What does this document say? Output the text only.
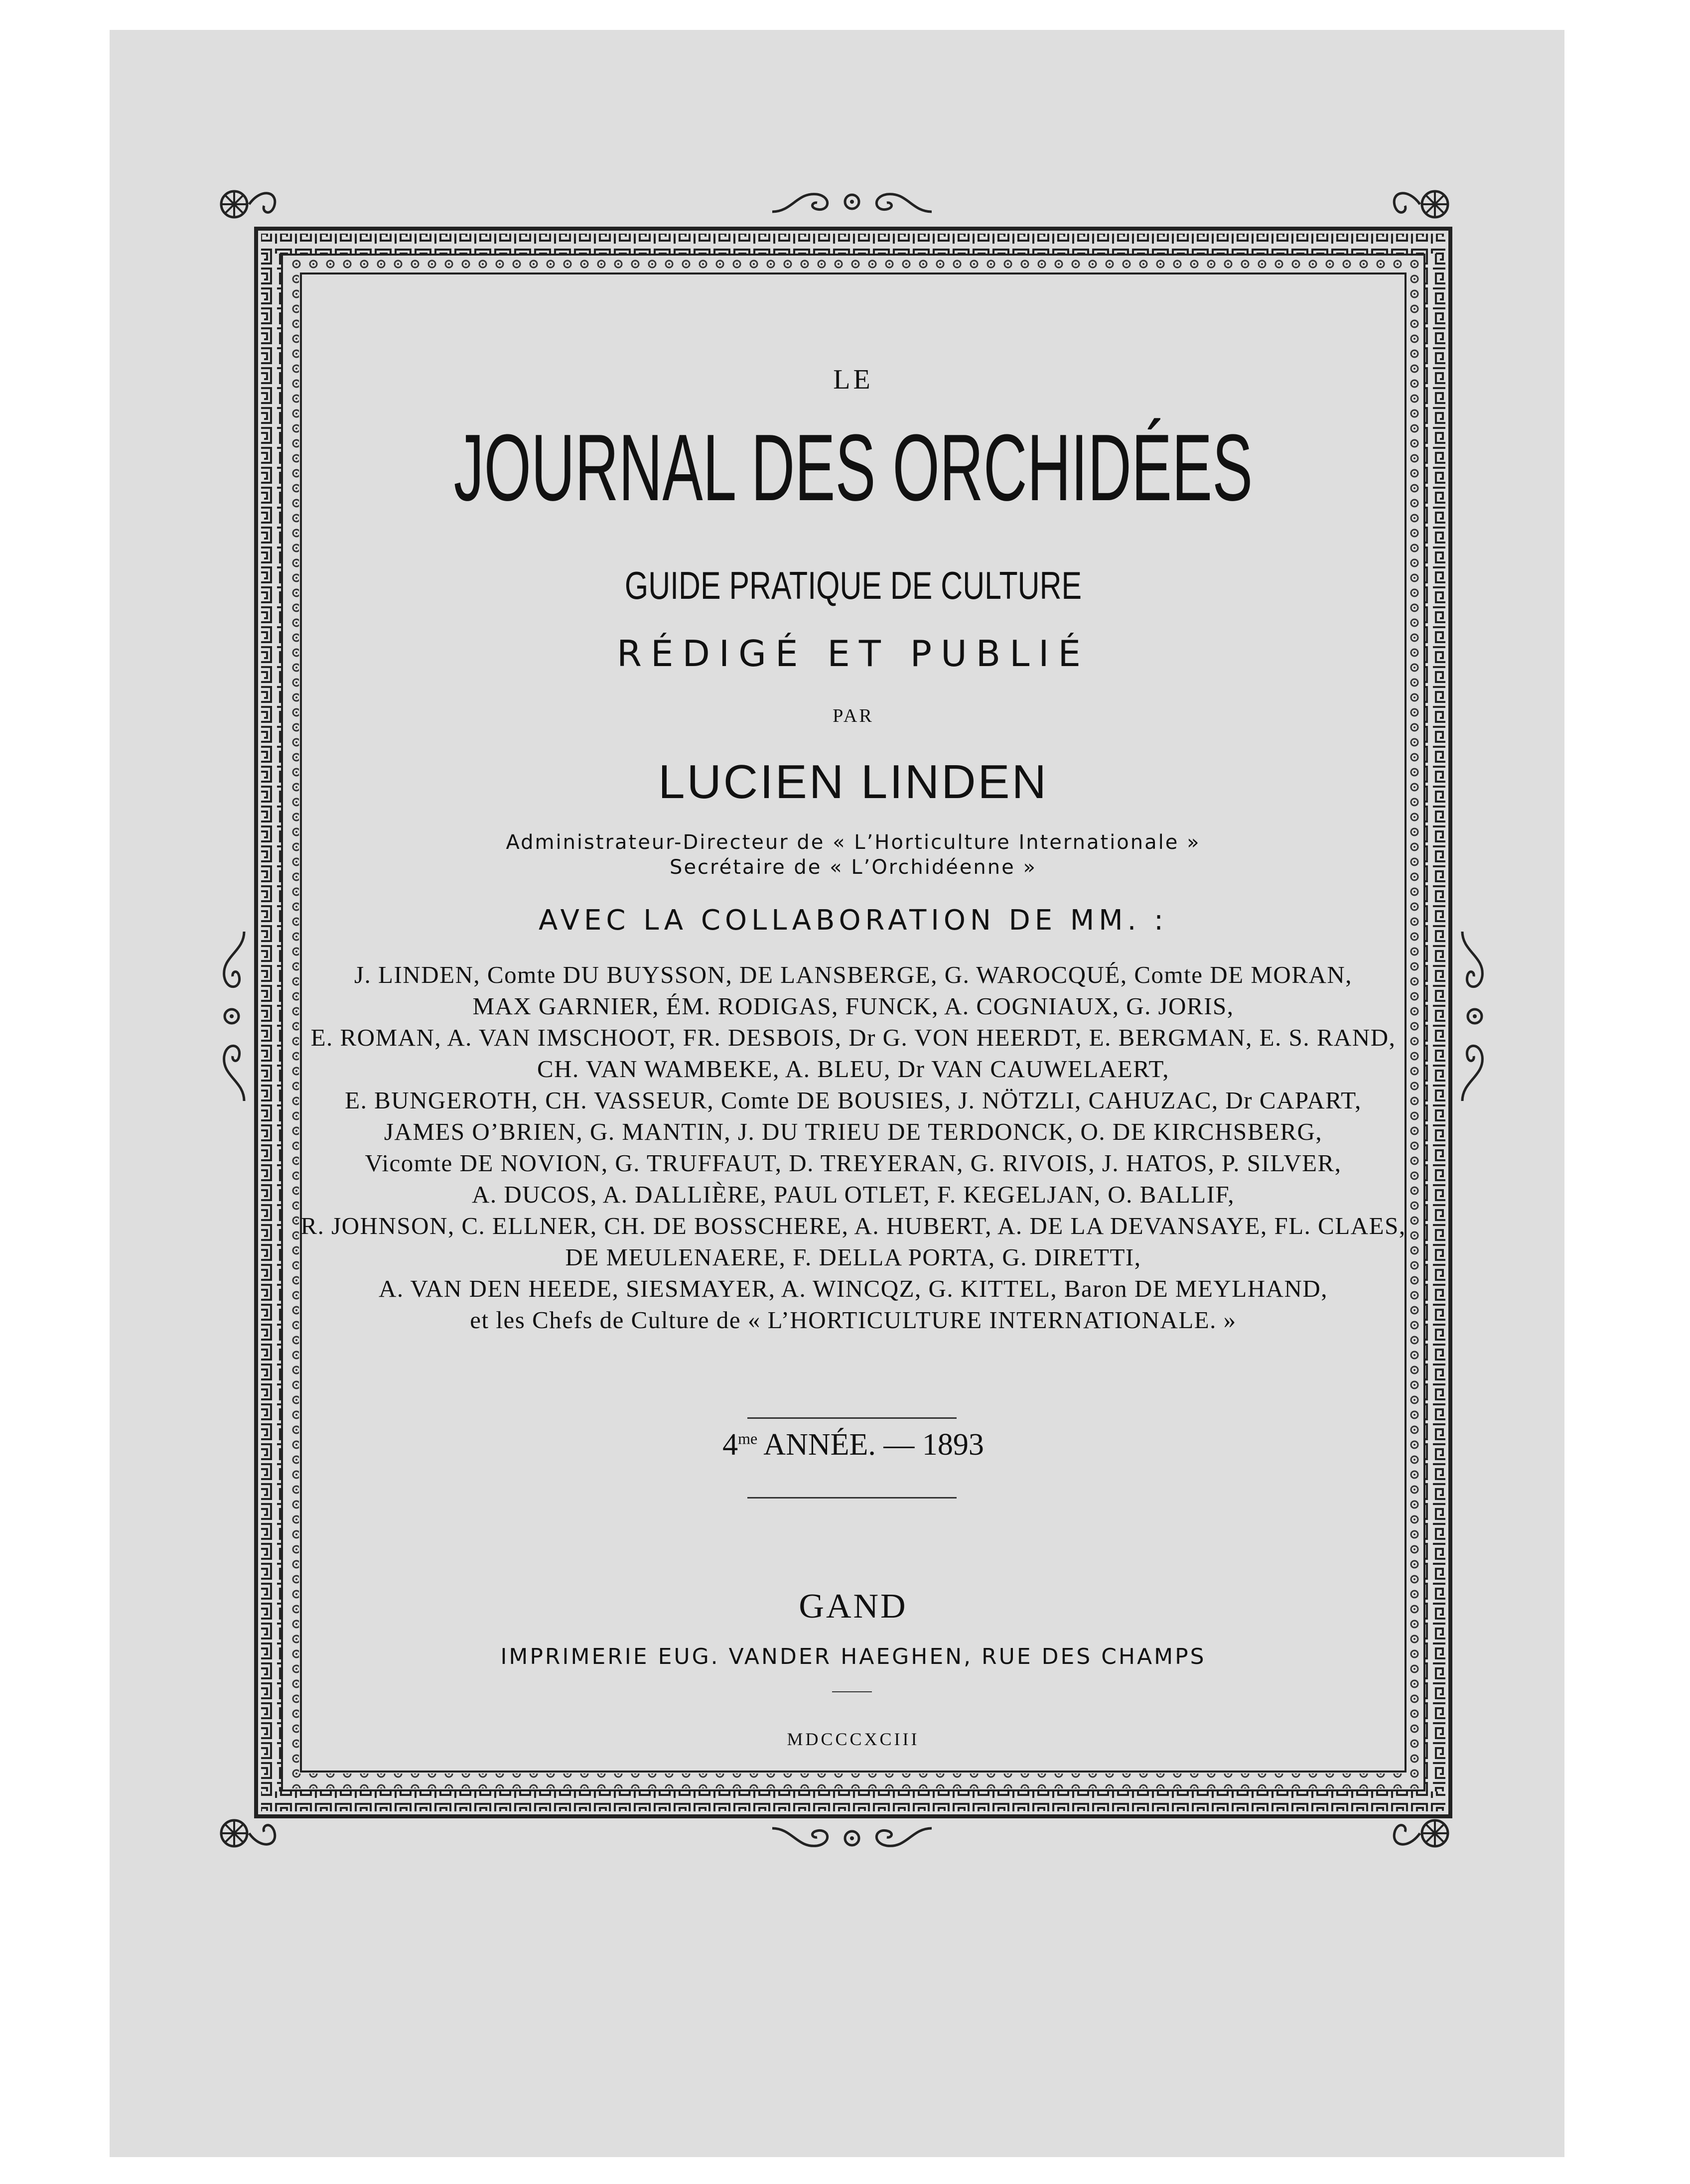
LE
JOURNAL DES ORCHIDÉES
GUIDE PRATIQUE DE CULTURE
RÉDIGÉ ET PUBLIÉ
PAR
LUCIEN LINDEN
Administrateur-Directeur de « L’Horticulture Internationale »
Secrétaire de « L’Orchidéenne »
AVEC LA COLLABORATION DE MM. :
J. LINDEN, Comte DU BUYSSON, DE LANSBERGE, G. WAROCQUÉ, Comte DE MORAN,
MAX GARNIER, ÉM. RODIGAS, FUNCK, A. COGNIAUX, G. JORIS,
E. ROMAN, A. VAN IMSCHOOT, FR. DESBOIS, Dr G. VON HEERDT, E. BERGMAN, E. S. RAND,
CH. VAN WAMBEKE, A. BLEU, Dr VAN CAUWELAERT,
E. BUNGEROTH, CH. VASSEUR, Comte DE BOUSIES, J. NÖTZLI, CAHUZAC, Dr CAPART,
JAMES O’BRIEN, G. MANTIN, J. DU TRIEU DE TERDONCK, O. DE KIRCHSBERG,
Vicomte DE NOVION, G. TRUFFAUT, D. TREYERAN, G. RIVOIS, J. HATOS, P. SILVER,
A. DUCOS, A. DALLIÈRE, PAUL OTLET, F. KEGELJAN, O. BALLIF,
R. JOHNSON, C. ELLNER, CH. DE BOSSCHERE, A. HUBERT, A. DE LA DEVANSAYE, FL. CLAES,
DE MEULENAERE, F. DELLA PORTA, G. DIRETTI,
A. VAN DEN HEEDE, SIESMAYER, A. WINCQZ, G. KITTEL, Baron DE MEYLHAND,
et les Chefs de Culture de « L’HORTICULTURE INTERNATIONALE. »
$4^{me}$ ANNÉE. — 1893
GAND
IMPRIMERIE EUG. VANDER HAEGHEN, RUE DES CHAMPS
MDCCCXCIII
